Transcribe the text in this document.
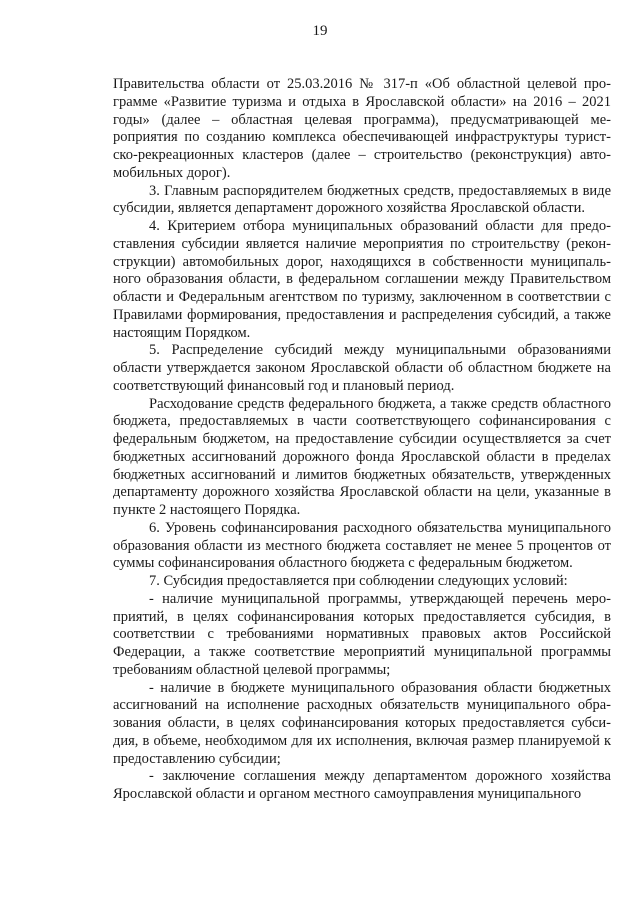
19

Правительства области от 25.03.2016 № 317-п «Об областной целевой программе «Развитие туризма и отдыха в Ярославской области» на 2016 – 2021 годы» (далее – областная целевая программа), предусматривающей мероприятия по созданию комплекса обеспечивающей инфраструктуры туристско-рекреационных кластеров (далее – строительство (реконструкция) автомобильных дорог).

3. Главным распорядителем бюджетных средств, предоставляемых в виде субсидии, является департамент дорожного хозяйства Ярославской области.

4. Критерием отбора муниципальных образований области для предоставления субсидии является наличие мероприятия по строительству (реконструкции) автомобильных дорог, находящихся в собственности муниципального образования области, в федеральном соглашении между Правительством области и Федеральным агентством по туризму, заключенном в соответствии с Правилами формирования, предоставления и распределения субсидий, а также настоящим Порядком.

5. Распределение субсидий между муниципальными образованиями области утверждается законом Ярославской области об областном бюджете на соответствующий финансовый год и плановый период.

Расходование средств федерального бюджета, а также средств областного бюджета, предоставляемых в части соответствующего софинансирования с федеральным бюджетом, на предоставление субсидии осуществляется за счет бюджетных ассигнований дорожного фонда Ярославской области в пределах бюджетных ассигнований и лимитов бюджетных обязательств, утвержденных департаменту дорожного хозяйства Ярославской области на цели, указанные в пункте 2 настоящего Порядка.

6. Уровень софинансирования расходного обязательства муниципального образования области из местного бюджета составляет не менее 5 процентов от суммы софинансирования областного бюджета с федеральным бюджетом.

7. Субсидия предоставляется при соблюдении следующих условий:

- наличие муниципальной программы, утверждающей перечень мероприятий, в целях софинансирования которых предоставляется субсидия, в соответствии с требованиями нормативных правовых актов Российской Федерации, а также соответствие мероприятий муниципальной программы требованиям областной целевой программы;

- наличие в бюджете муниципального образования области бюджетных ассигнований на исполнение расходных обязательств муниципального образования области, в целях софинансирования которых предоставляется субсидия, в объеме, необходимом для их исполнения, включая размер планируемой к предоставлению субсидии;

- заключение соглашения между департаментом дорожного хозяйства Ярославской области и органом местного самоуправления муниципального
